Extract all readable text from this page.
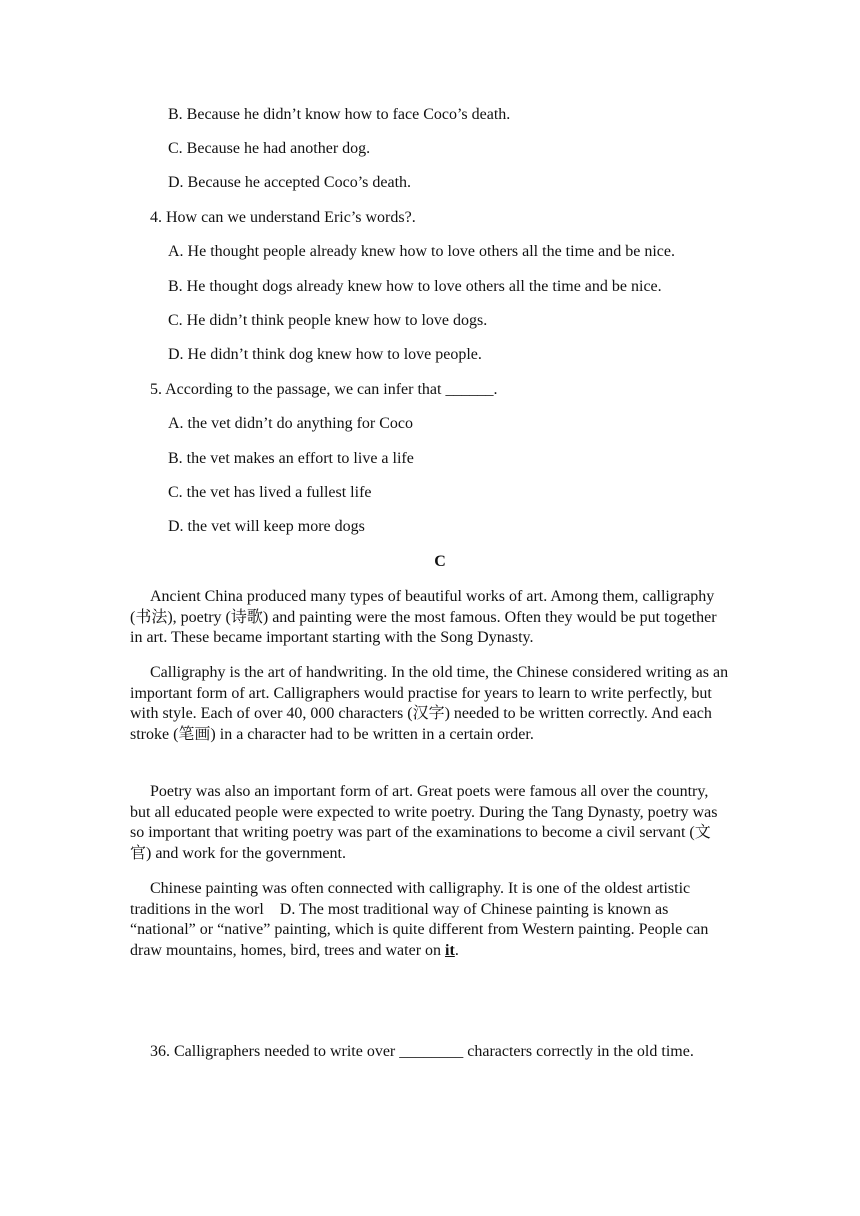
B. Because he didn’t know how to face Coco’s death.
C. Because he had another dog.
D. Because he accepted Coco’s death.
4. How can we understand Eric’s words?.
A. He thought people already knew how to love others all the time and be nice.
B. He thought dogs already knew how to love others all the time and be nice.
C. He didn’t think people knew how to love dogs.
D. He didn’t think dog knew how to love people.
5. According to the passage, we can infer that ______.
A. the vet didn’t do anything for Coco
B. the vet makes an effort to live a life
C. the vet has lived a fullest life
D. the vet will keep more dogs
C

Ancient China produced many types of beautiful works of art. Among them, calligraphy (书法), poetry (诗歌) and painting were the most famous. Often they would be put together in art. These became important starting with the Song Dynasty.

Calligraphy is the art of handwriting. In the old time, the Chinese considered writing as an important form of art. Calligraphers would practise for years to learn to write perfectly, but with style. Each of over 40, 000 characters (汉字) needed to be written correctly. And each stroke (笔画) in a character had to be written in a certain order.

Poetry was also an important form of art. Great poets were famous all over the country, but all educated people were expected to write poetry. During the Tang Dynasty, poetry was so important that writing poetry was part of the examinations to become a civil servant (文官) and work for the government.

Chinese painting was often connected with calligraphy. It is one of the oldest artistic traditions in the worl    D. The most traditional way of Chinese painting is known as “national” or “native” painting, which is quite different from Western painting. People can draw mountains, homes, bird, trees and water on it.

36. Calligraphers needed to write over ________ characters correctly in the old time.
